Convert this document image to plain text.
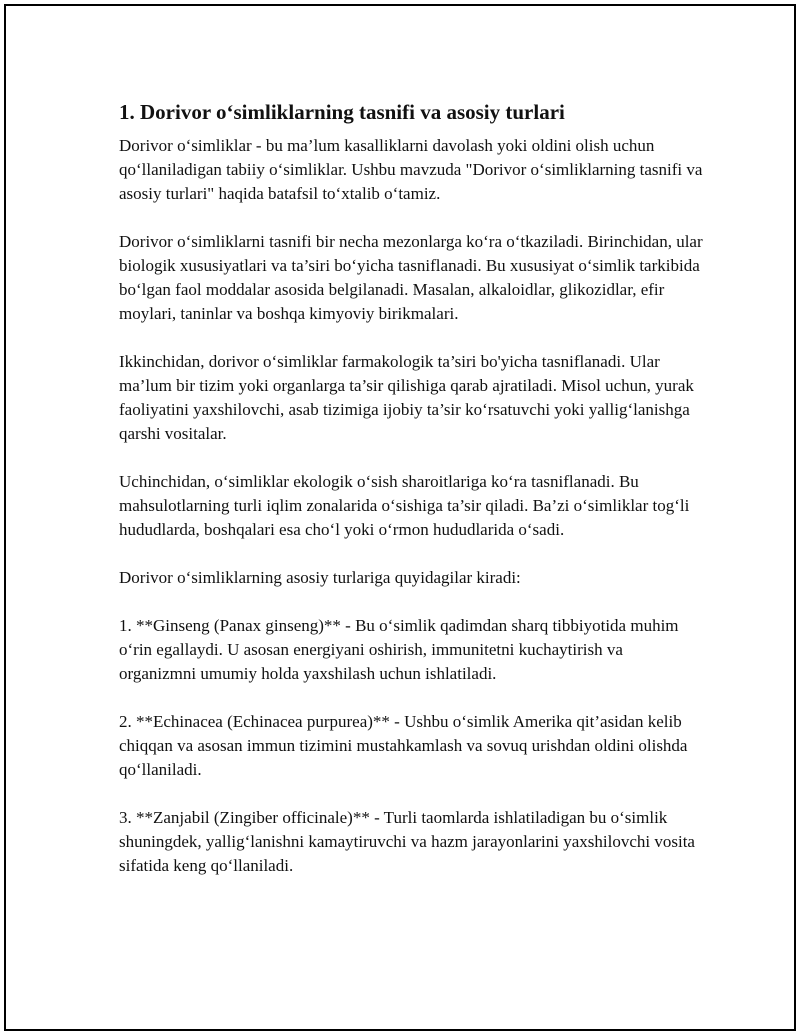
1. Dorivor o‘simliklarning tasnifi va asosiy turlari

Dorivor o‘simliklar - bu ma’lum kasalliklarni davolash yoki oldini olish uchun qo‘llaniladigan tabiiy o‘simliklar. Ushbu mavzuda "Dorivor o‘simliklarning tasnifi va asosiy turlari" haqida batafsil to‘xtalib o‘tamiz.

Dorivor o‘simliklarni tasnifi bir necha mezonlarga ko‘ra o‘tkaziladi. Birinchidan, ular biologik xususiyatlari va ta’siri bo‘yicha tasniflanadi. Bu xususiyat o‘simlik tarkibida bo‘lgan faol moddalar asosida belgilanadi. Masalan, alkaloidlar, glikozidlar, efir moylari, taninlar va boshqa kimyoviy birikmalari.

Ikkinchidan, dorivor o‘simliklar farmakologik ta’siri bo'yicha tasniflanadi. Ular ma’lum bir tizim yoki organlarga ta’sir qilishiga qarab ajratiladi. Misol uchun, yurak faoliyatini yaxshilovchi, asab tizimiga ijobiy ta’sir ko‘rsatuvchi yoki yallig‘lanishga qarshi vositalar.

Uchinchidan, o‘simliklar ekologik o‘sish sharoitlariga ko‘ra tasniflanadi. Bu mahsulotlarning turli iqlim zonalarida o‘sishiga ta’sir qiladi. Ba’zi o‘simliklar tog‘li hududlarda, boshqalari esa cho‘l yoki o‘rmon hududlarida o‘sadi.

Dorivor o‘simliklarning asosiy turlariga quyidagilar kiradi:

1. **Ginseng (Panax ginseng)** - Bu o‘simlik qadimdan sharq tibbiyotida muhim o‘rin egallaydi. U asosan energiyani oshirish, immunitetni kuchaytirish va organizmni umumiy holda yaxshilash uchun ishlatiladi.

2. **Echinacea (Echinacea purpurea)** - Ushbu o‘simlik Amerika qit’asidan kelib chiqqan va asosan immun tizimini mustahkamlash va sovuq urishdan oldini olishda qo‘llaniladi.

3. **Zanjabil (Zingiber officinale)** - Turli taomlarda ishlatiladigan bu o‘simlik shuningdek, yallig‘lanishni kamaytiruvchi va hazm jarayonlarini yaxshilovchi vosita sifatida keng qo‘llaniladi.
